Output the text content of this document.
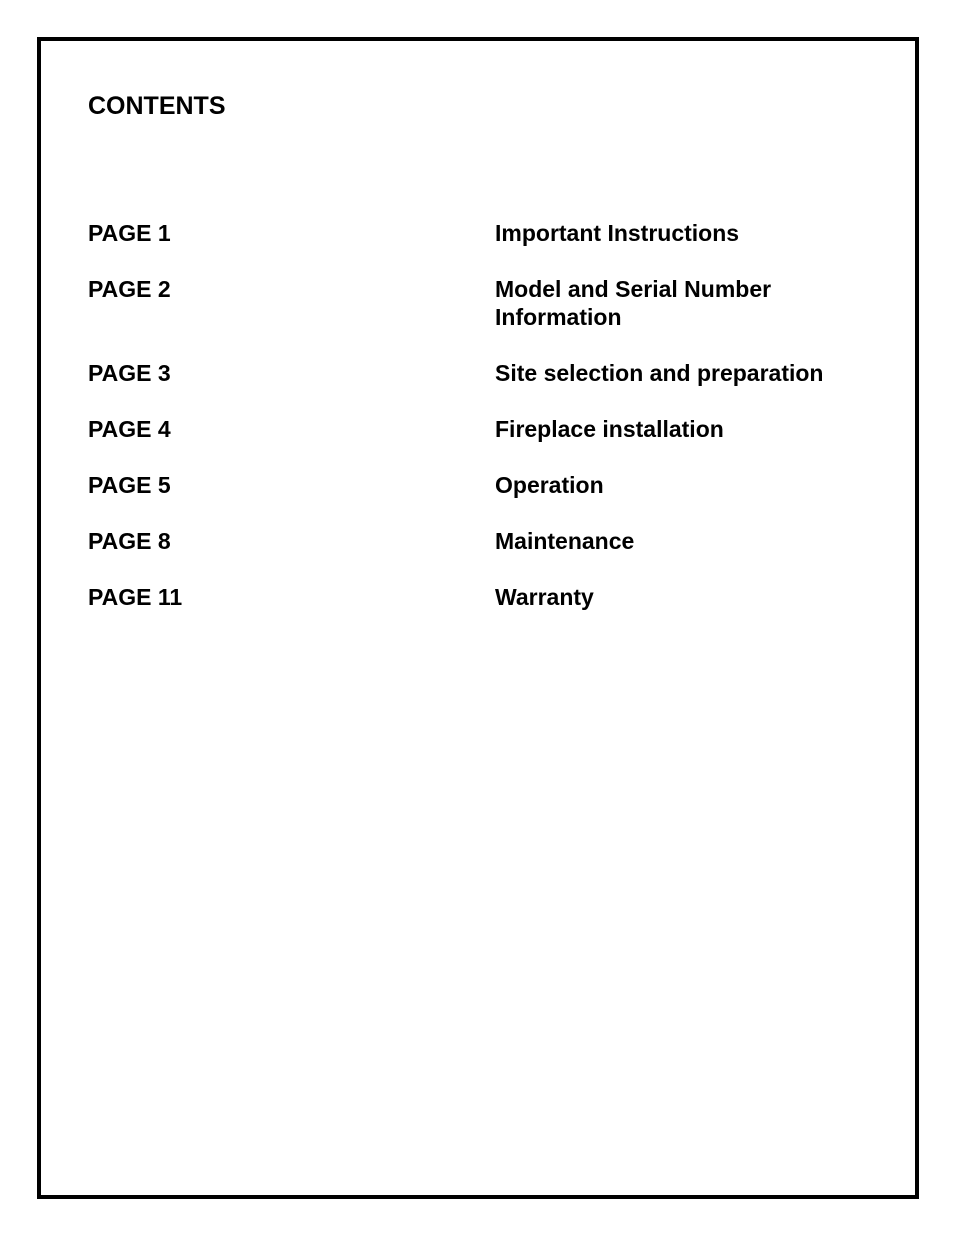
CONTENTS
PAGE 1	Important Instructions
PAGE 2	Model and Serial Number Information
PAGE 3	Site selection and preparation
PAGE 4	Fireplace installation
PAGE 5	Operation
PAGE 8	Maintenance
PAGE 11	Warranty
